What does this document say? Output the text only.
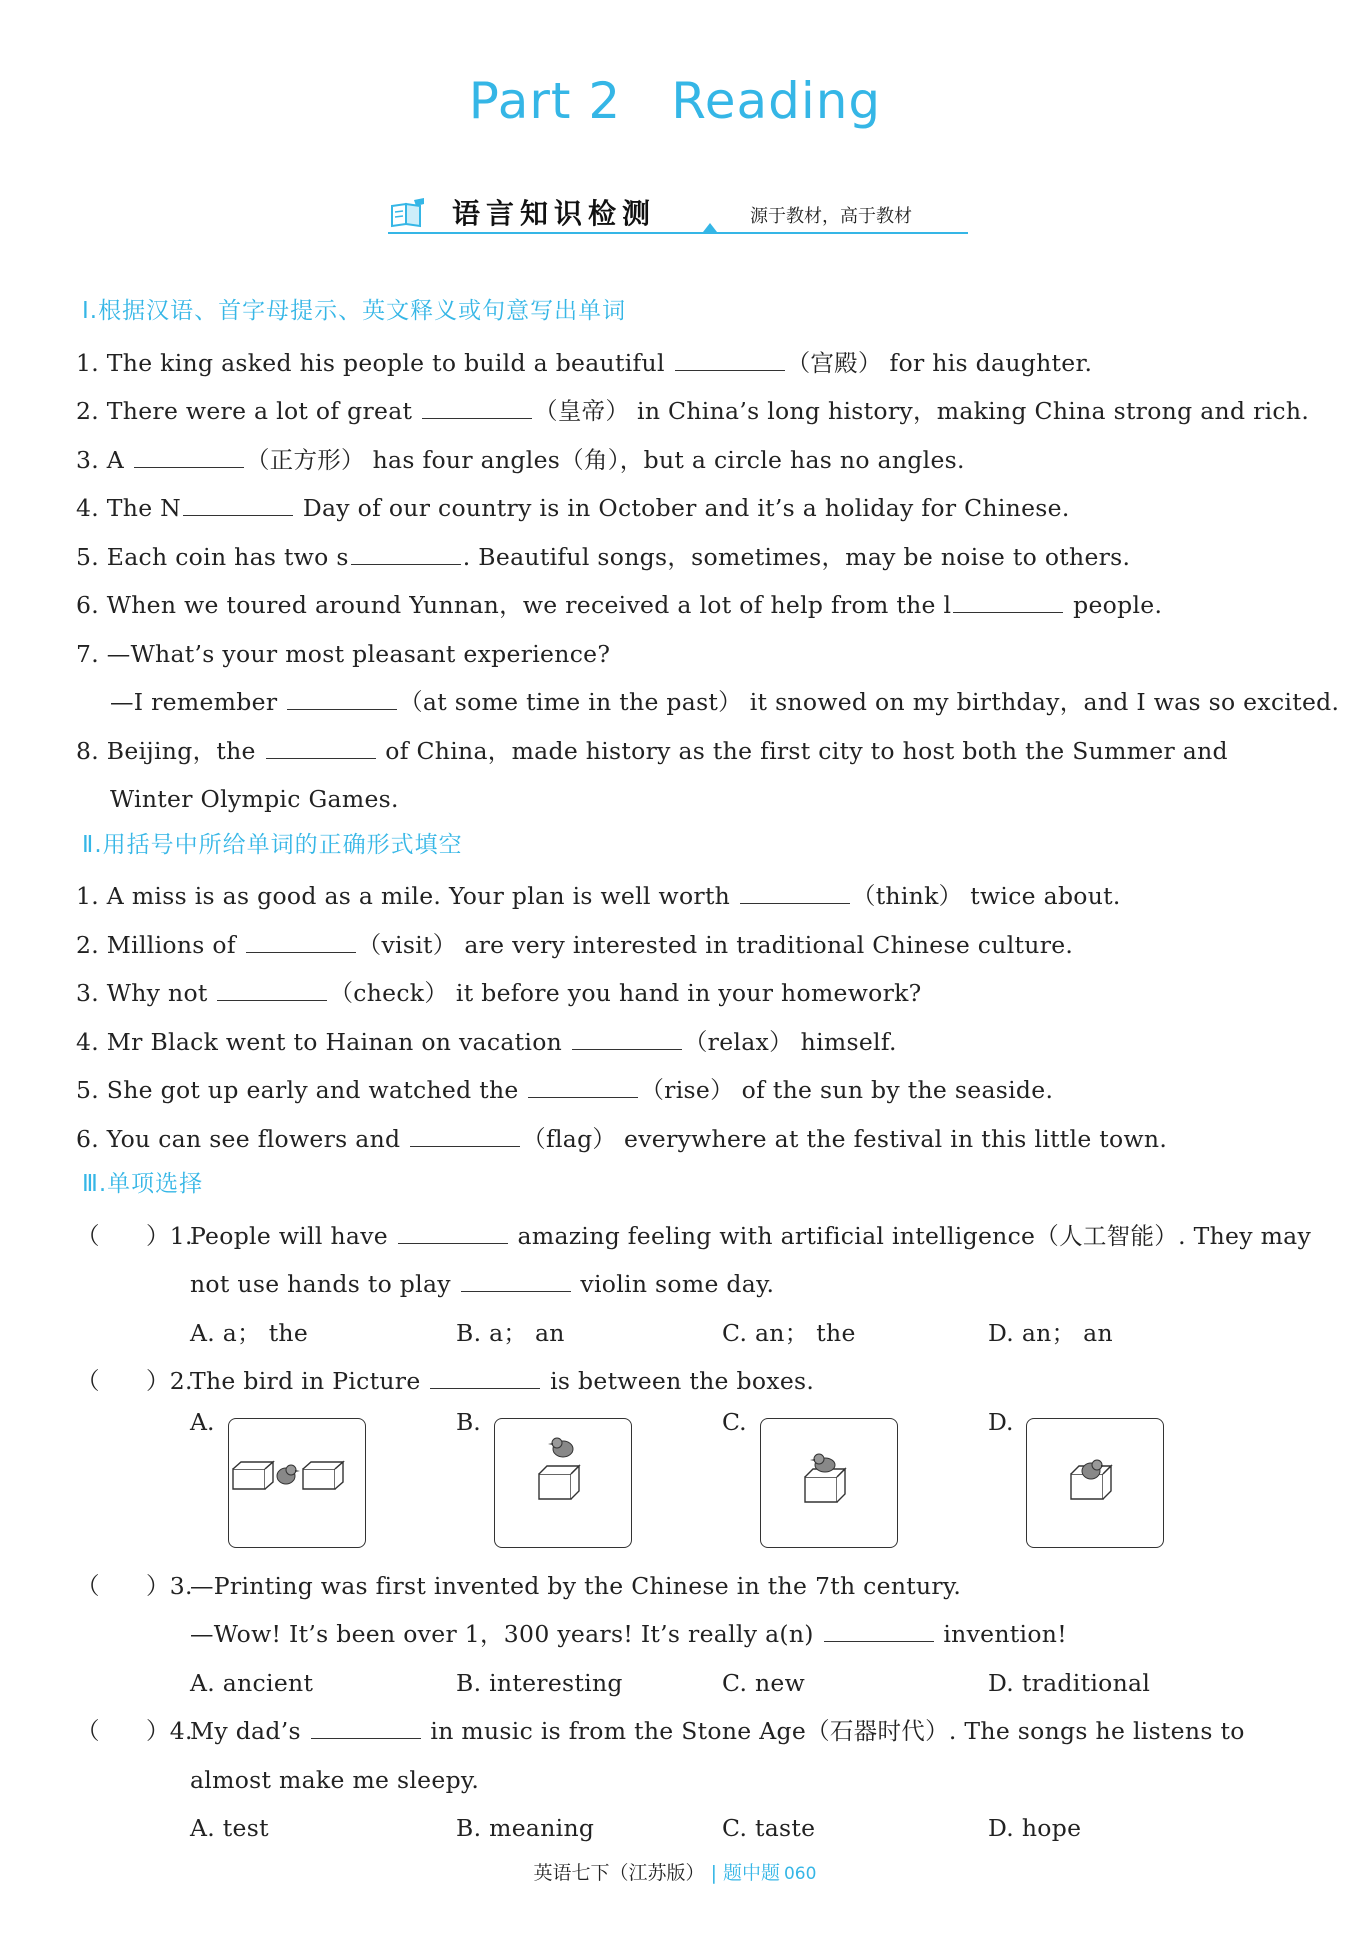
Part 2 Reading
语言知识检测	源于教材，高于教材
Ⅰ.根据汉语、首字母提示、英文释义或句意写出单词
1. The king asked his people to build a beautiful	（宫殿） for his daughter.
2. There were a lot of great	（皇帝） in China’s long history，making China strong and rich.
3. A	（正方形） has four angles（角），but a circle has no angles.
4. The N	Day of our country is in October and it’s a holiday for Chinese.
5. Each coin has two s	. Beautiful songs，sometimes，may be noise to others.
6. When we toured around Yunnan，we received a lot of help from the l	people.
7. —What’s your most pleasant experience?
—I remember	（at some time in the past） it snowed on my birthday，and I was so excited.
8. Beijing，the	of China，made history as the first city to host both the Summer and
Winter Olympic Games.
Ⅱ.用括号中所给单词的正确形式填空
1. A miss is as good as a mile. Your plan is well worth	（think） twice about.
2. Millions of	（visit） are very interested in traditional Chinese culture.
3. Why not	（check） it before you hand in your homework?
4. Mr Black went to Hainan on vacation	（relax） himself.
5. She got up early and watched the	（rise） of the sun by the seaside.
6. You can see flowers and	（flag） everywhere at the festival in this little town.
Ⅲ.单项选择
（ ）1.
People will have	amazing feeling with artificial intelligence（人工智能）. They may
not use hands to play	violin some day.
A. a； the	B. a； an	C. an； the	D. an； an
（ ）2.
The bird in Picture	is between the boxes.
A.	B.	C.	D.
（ ）3.
—Printing was first invented by the Chinese in the 7th century.
—Wow! It’s been over 1，300 years! It’s really a(n)	invention!
A. ancient	B. interesting	C. new	D. traditional
（ ）4.
My dad’s	in music is from the Stone Age（石器时代）. The songs he listens to
almost make me sleepy.
A. test	B. meaning	C. taste	D. hope
英语七下（江苏版） | 题中题 060
